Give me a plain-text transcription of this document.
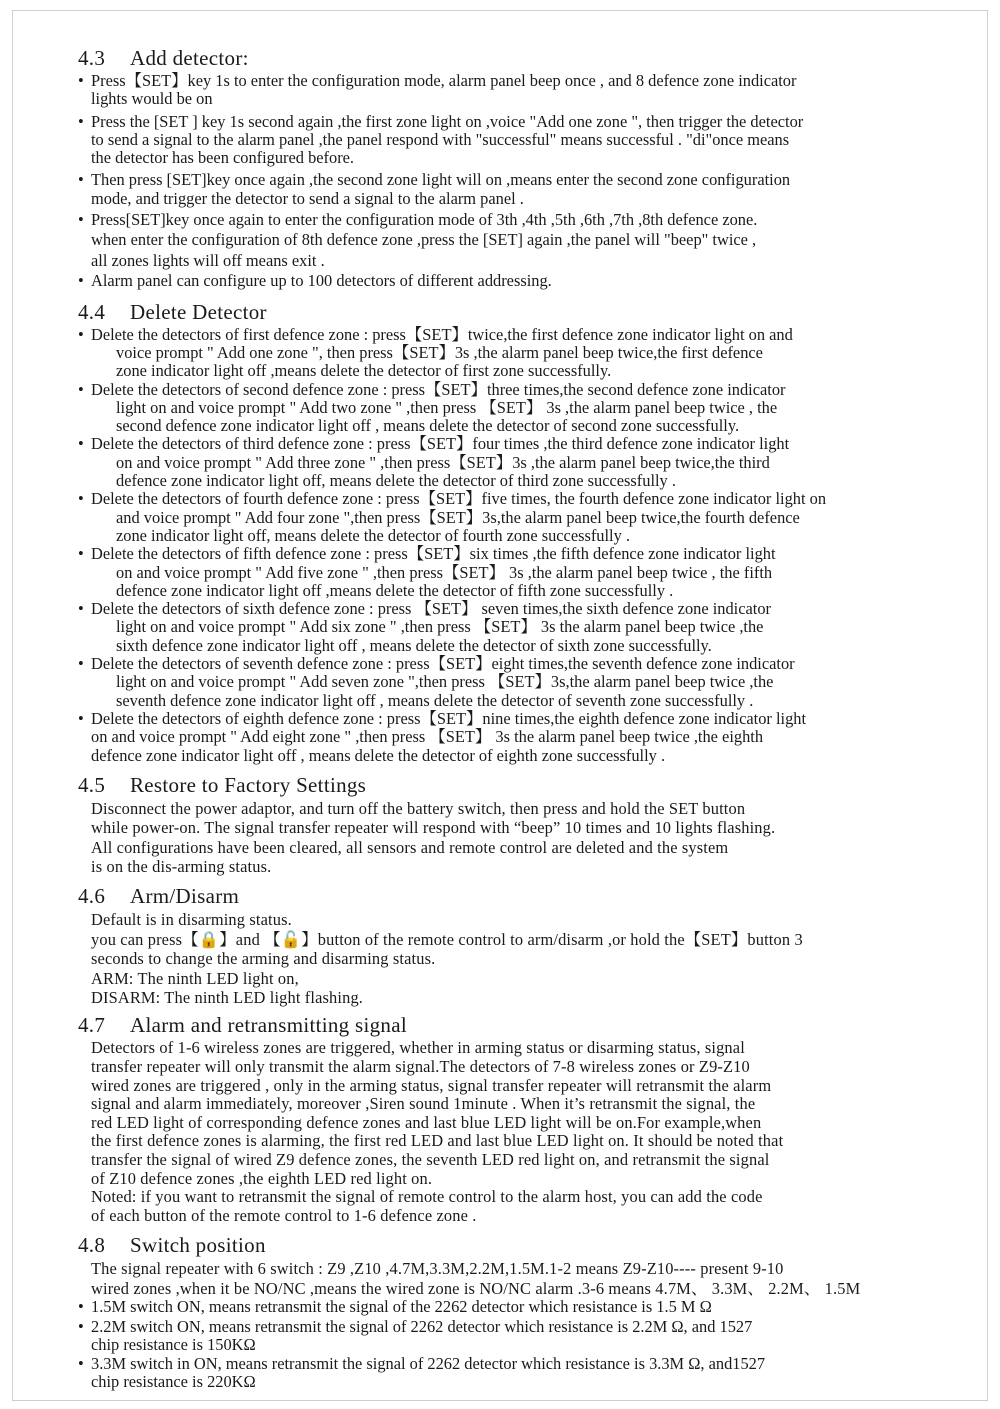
4.3 Add detector:
• Press【SET】key 1s to enter the configuration mode, alarm panel beep once , and 8 defence zone indicator
lights would be on
• Press the [SET ] key 1s second again ,the first zone light on ,voice "Add one zone ", then trigger the detector
to send a signal to the alarm panel ,the panel respond with "successful" means successful . "di"once means
the detector has been configured before.
• Then press [SET]key once again ,the second zone light will on ,means enter the second zone configuration
mode, and trigger the detector to send a signal to the alarm panel .
• Press[SET]key once again to enter the configuration mode of 3th ,4th ,5th ,6th ,7th ,8th defence zone.
when enter the configuration of 8th defence zone ,press the [SET] again ,the panel will "beep" twice ,
all zones lights will off means exit .
• Alarm panel can configure up to 100 detectors of different addressing.
4.4 Delete Detector
• Delete the detectors of first defence zone : press【SET】twice,the first defence zone indicator light on and
voice prompt " Add one zone ", then press【SET】3s ,the alarm panel beep twice,the first defence
zone indicator light off ,means delete the detector of first zone successfully.
• Delete the detectors of second defence zone : press【SET】three times,the second defence zone indicator
light on and voice prompt " Add two zone " ,then press 【SET】 3s ,the alarm panel beep twice , the
second defence zone indicator light off , means delete the detector of second zone successfully.
• Delete the detectors of third defence zone : press【SET】four times ,the third defence zone indicator light
on and voice prompt " Add three zone " ,then press【SET】3s ,the alarm panel beep twice,the third
defence zone indicator light off, means delete the detector of third zone successfully .
• Delete the detectors of fourth defence zone : press【SET】five times, the fourth defence zone indicator light on
and voice prompt " Add four zone ",then press【SET】3s,the alarm panel beep twice,the fourth defence
zone indicator light off, means delete the detector of fourth zone successfully .
• Delete the detectors of fifth defence zone : press【SET】six times ,the fifth defence zone indicator light
on and voice prompt " Add five zone " ,then press【SET】 3s ,the alarm panel beep twice , the fifth
defence zone indicator light off ,means delete the detector of fifth zone successfully .
• Delete the detectors of sixth defence zone : press 【SET】 seven times,the sixth defence zone indicator
light on and voice prompt " Add six zone " ,then press 【SET】 3s the alarm panel beep twice ,the
sixth defence zone indicator light off , means delete the detector of sixth zone successfully.
• Delete the detectors of seventh defence zone : press【SET】eight times,the seventh defence zone indicator
light on and voice prompt " Add seven zone ",then press 【SET】3s,the alarm panel beep twice ,the
seventh defence zone indicator light off , means delete the detector of seventh zone successfully .
• Delete the detectors of eighth defence zone : press【SET】nine times,the eighth defence zone indicator light
on and voice prompt " Add eight zone " ,then press 【SET】 3s the alarm panel beep twice ,the eighth
defence zone indicator light off , means delete the detector of eighth zone successfully .
4.5 Restore to Factory Settings
Disconnect the power adaptor, and turn off the battery switch, then press and hold the SET button
while power-on. The signal transfer repeater will respond with “beep” 10 times and 10 lights flashing.
All configurations have been cleared, all sensors and remote control are deleted and the system
is on the dis-arming status.
4.6 Arm/Disarm
Default is in disarming status.
you can press【🔒】and 【🔓】button of the remote control to arm/disarm ,or hold the【SET】button 3
seconds to change the arming and disarming status.
ARM: The ninth LED light on,
DISARM: The ninth LED light flashing.
4.7 Alarm and retransmitting signal
Detectors of 1-6 wireless zones are triggered, whether in arming status or disarming status, signal
transfer repeater will only transmit the alarm signal.The detectors of 7-8 wireless zones or Z9-Z10
wired zones are triggered , only in the arming status, signal transfer repeater will retransmit the alarm
signal and alarm immediately, moreover ,Siren sound 1minute . When it’s retransmit the signal, the
red LED light of corresponding defence zones and last blue LED light will be on.For example,when
the first defence zones is alarming, the first red LED and last blue LED light on. It should be noted that
transfer the signal of wired Z9 defence zones, the seventh LED red light on, and retransmit the signal
of Z10 defence zones ,the eighth LED red light on.
Noted: if you want to retransmit the signal of remote control to the alarm host, you can add the code
of each button of the remote control to 1-6 defence zone .
4.8 Switch position
The signal repeater with 6 switch : Z9 ,Z10 ,4.7M,3.3M,2.2M,1.5M.1-2 means Z9-Z10---- present 9-10
wired zones ,when it be NO/NC ,means the wired zone is NO/NC alarm .3-6 means 4.7M、 3.3M、 2.2M、 1.5M
• 1.5M switch ON, means retransmit the signal of the 2262 detector which resistance is 1.5 M Ω
• 2.2M switch ON, means retransmit the signal of 2262 detector which resistance is 2.2M Ω, and 1527
chip resistance is 150KΩ
• 3.3M switch in ON, means retransmit the signal of 2262 detector which resistance is 3.3M Ω, and1527
chip resistance is 220KΩ
